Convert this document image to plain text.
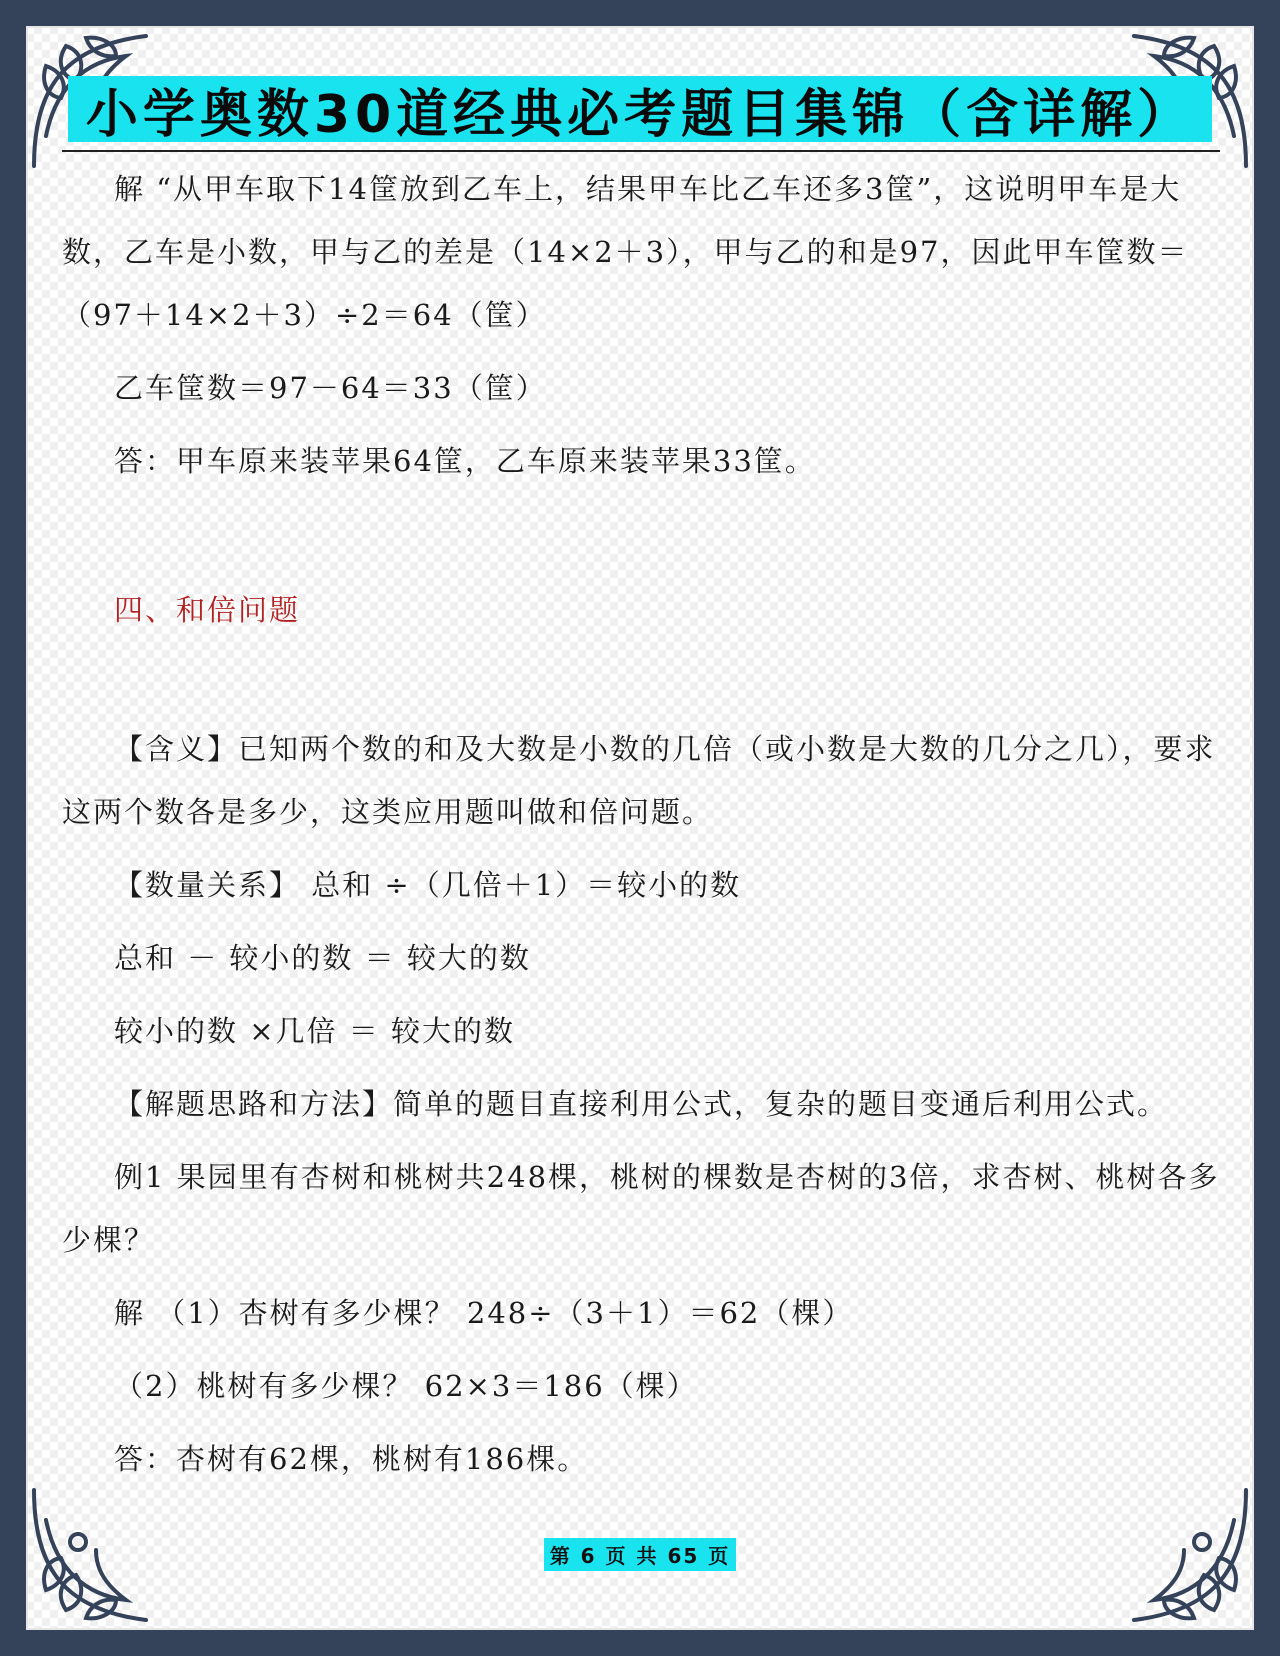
小学奥数30道经典必考题目集锦（含详解）

解 “从甲车取下14筐放到乙车上，结果甲车比乙车还多3筐”，这说明甲车是大数，乙车是小数，甲与乙的差是（14×2＋3），甲与乙的和是97，因此甲车筐数＝（97＋14×2＋3）÷2＝64（筐）

乙车筐数＝97－64＝33（筐）

答：甲车原来装苹果64筐，乙车原来装苹果33筐。

四、和倍问题

【含义】已知两个数的和及大数是小数的几倍（或小数是大数的几分之几），要求这两个数各是多少，这类应用题叫做和倍问题。

【数量关系】 总和 ÷（几倍＋1）＝较小的数

总和 － 较小的数 ＝ 较大的数

较小的数 ×几倍 ＝ 较大的数

【解题思路和方法】简单的题目直接利用公式，复杂的题目变通后利用公式。

例1 果园里有杏树和桃树共248棵，桃树的棵数是杏树的3倍，求杏树、桃树各多少棵？

解 （1）杏树有多少棵？ 248÷（3＋1）＝62（棵）

（2）桃树有多少棵？ 62×3＝186（棵）

答：杏树有62棵，桃树有186棵。

第 6 页 共 65 页
